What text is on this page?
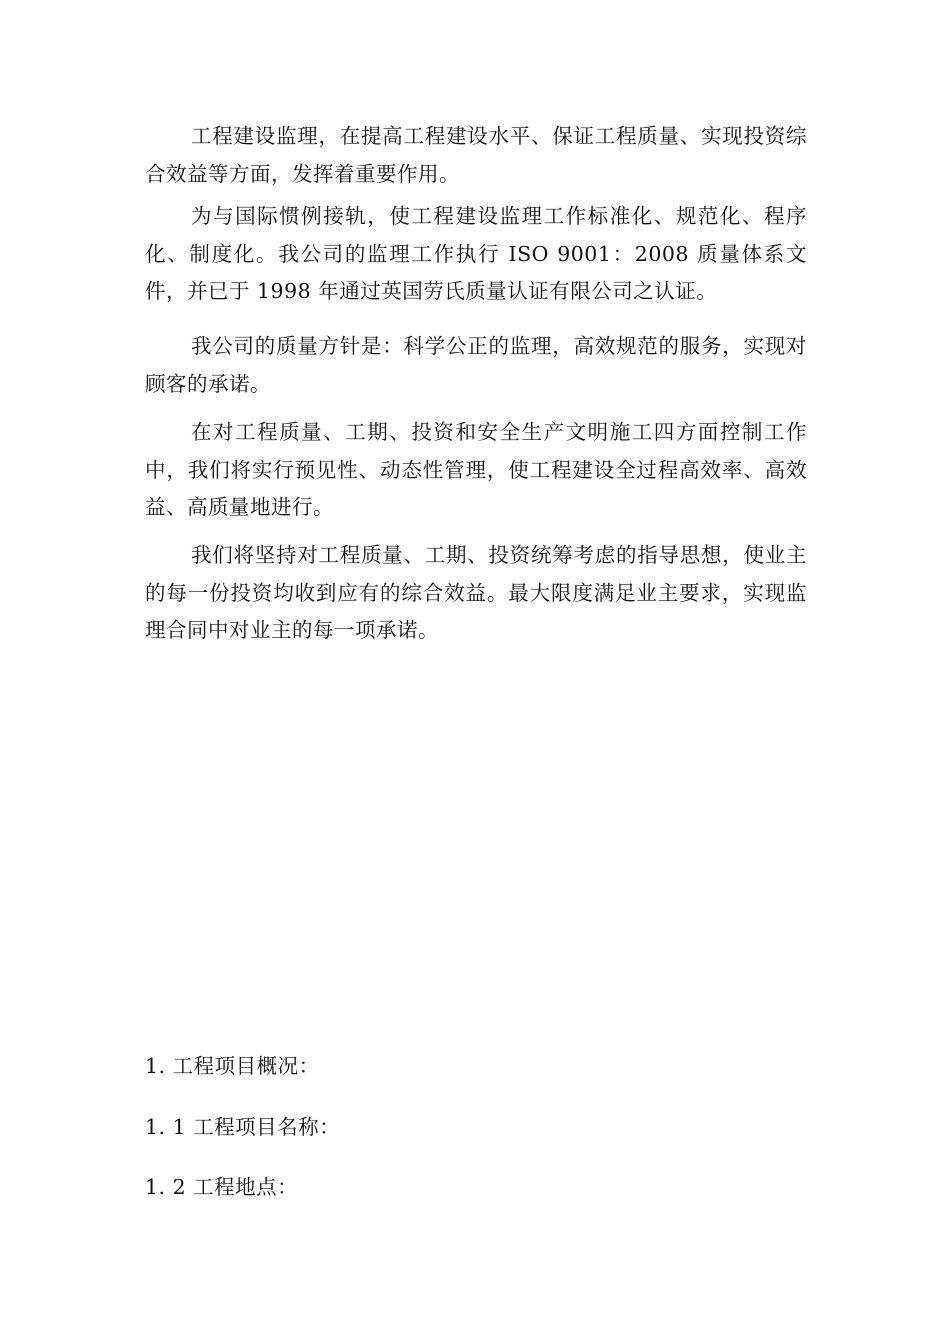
工程建设监理，在提高工程建设水平、保证工程质量、实现投资综合效益等方面，发挥着重要作用。

为与国际惯例接轨，使工程建设监理工作标准化、规范化、程序化、制度化。我公司的监理工作执行 ISO 9001：2008 质量体系文件，并已于 1998 年通过英国劳氏质量认证有限公司之认证。

我公司的质量方针是：科学公正的监理，高效规范的服务，实现对顾客的承诺。

在对工程质量、工期、投资和安全生产文明施工四方面控制工作中，我们将实行预见性、动态性管理，使工程建设全过程高效率、高效益、高质量地进行。

我们将坚持对工程质量、工期、投资统筹考虑的指导思想，使业主的每一份投资均收到应有的综合效益。最大限度满足业主要求，实现监理合同中对业主的每一项承诺。

1. 工程项目概况：

1. 1 工程项目名称：

1. 2 工程地点：
